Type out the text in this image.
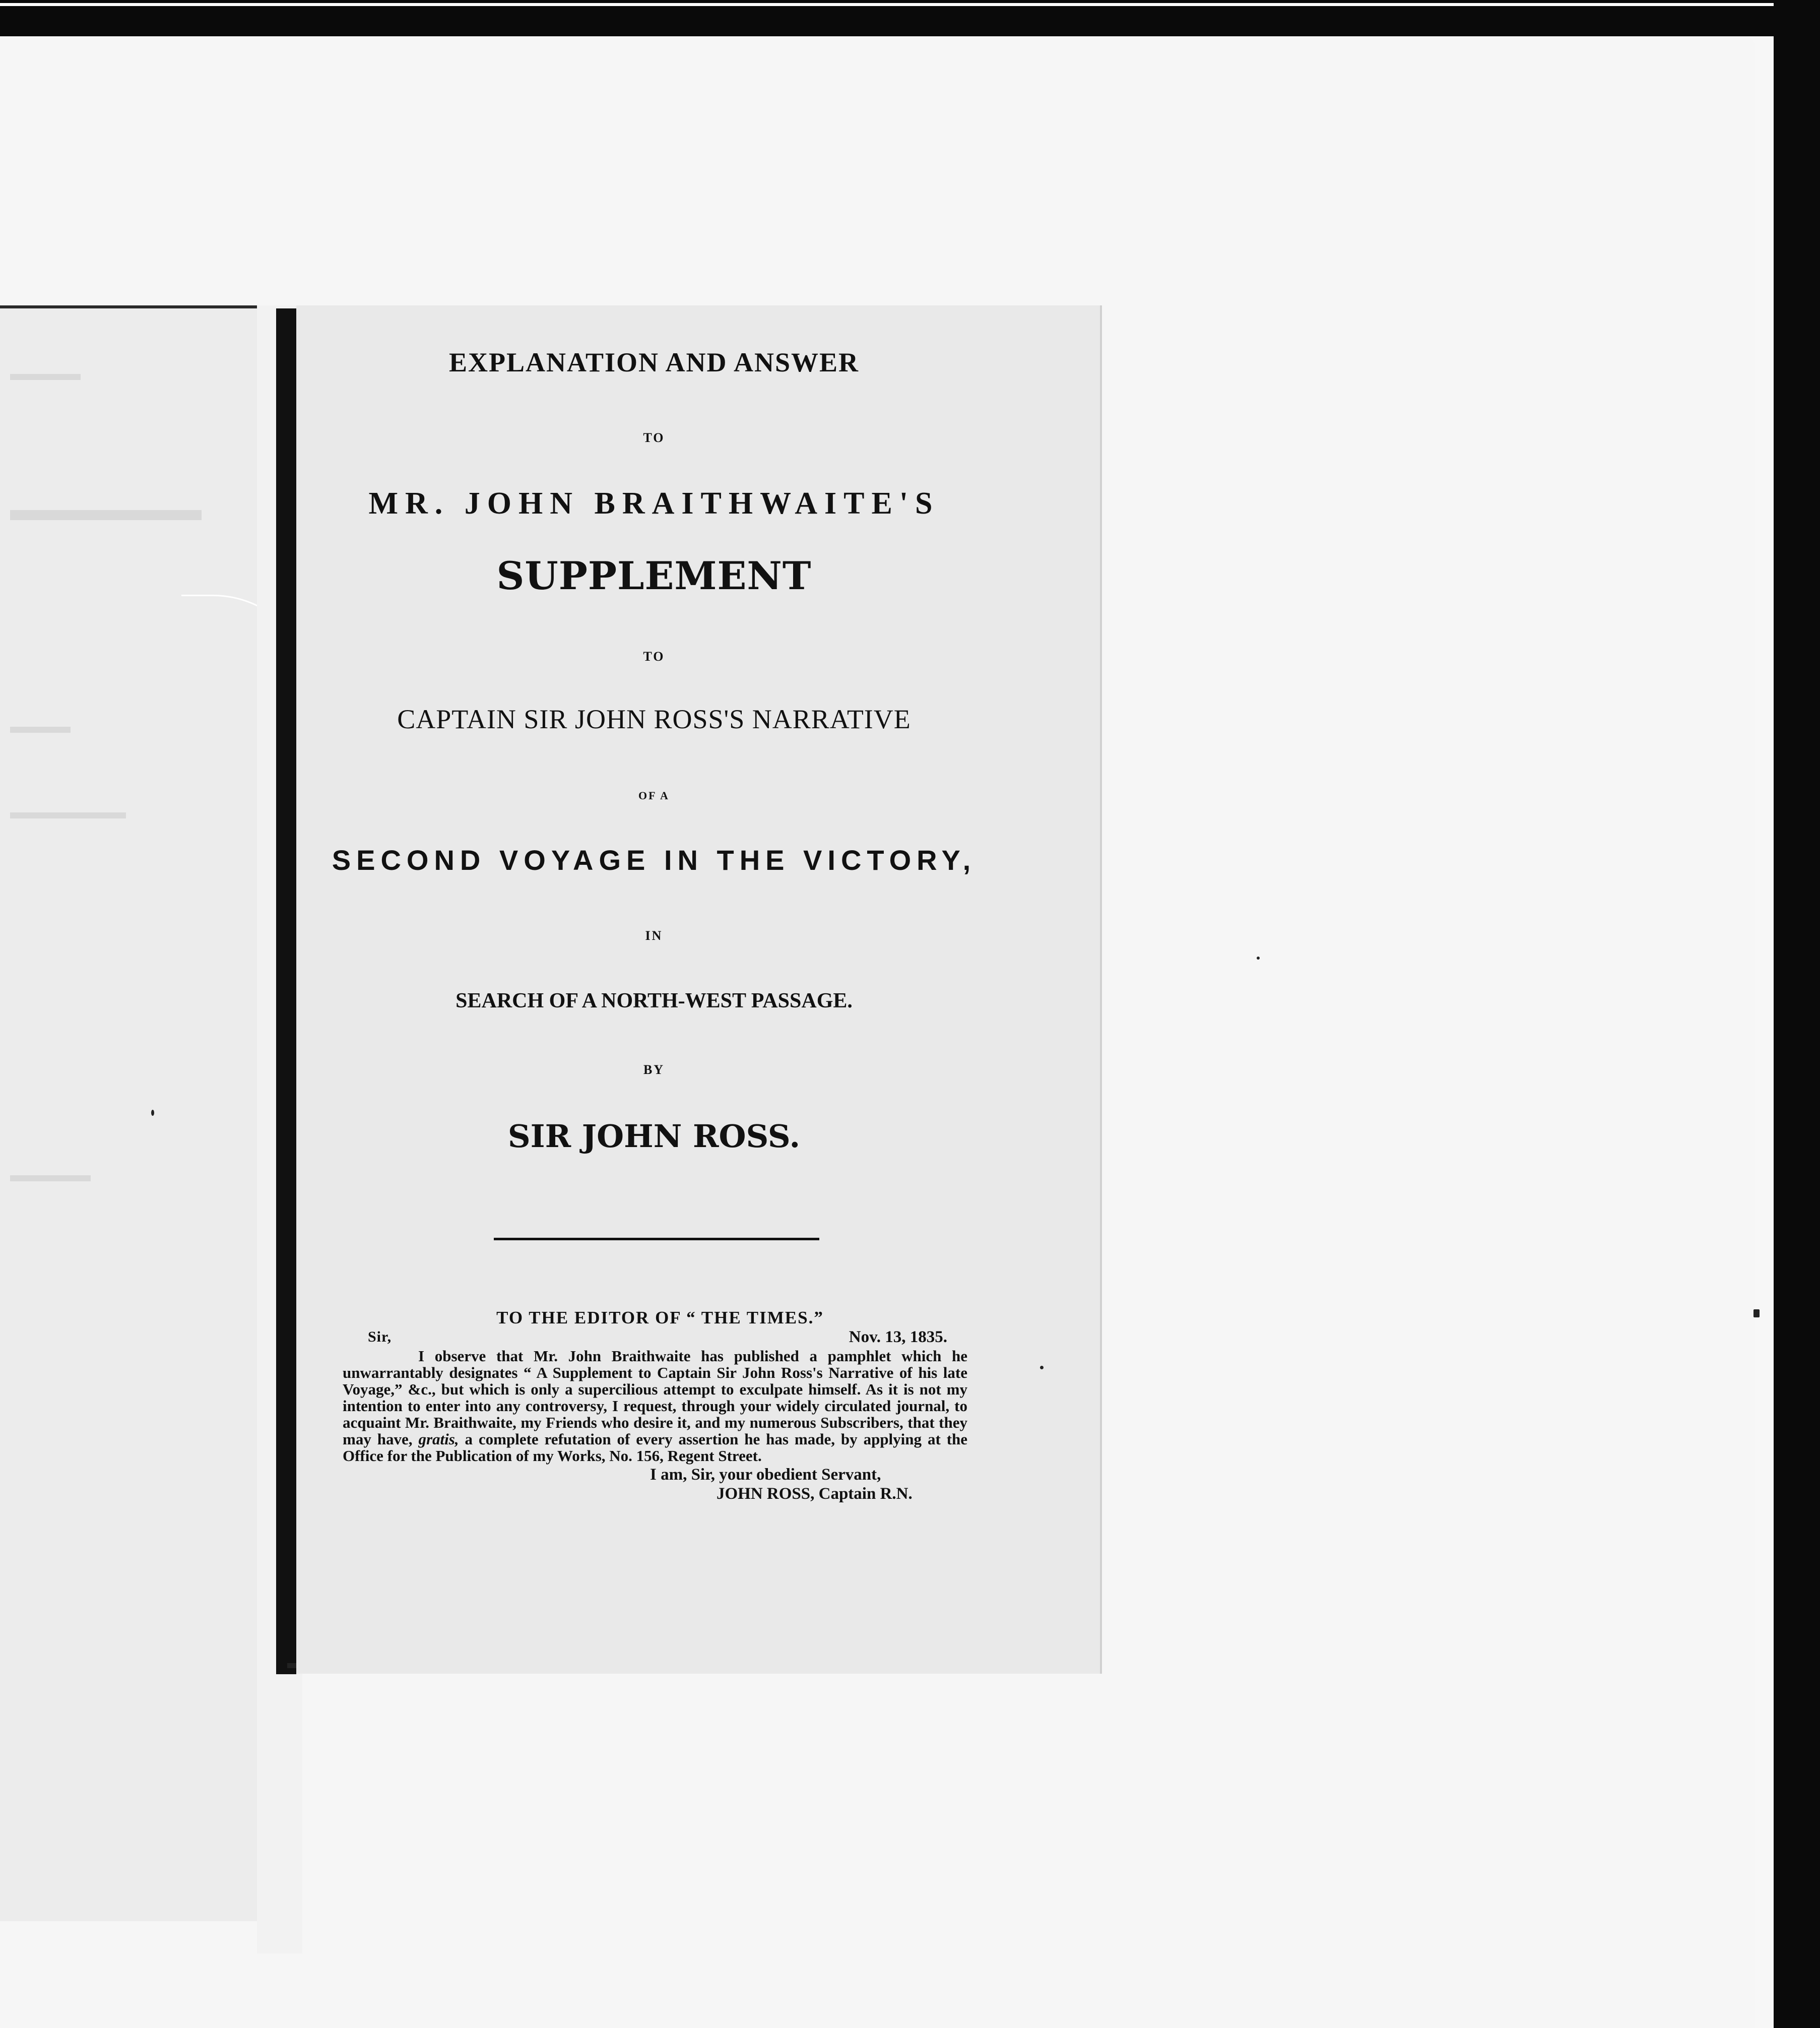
EXPLANATION AND ANSWER
TO
MR. JOHN BRAITHWAITE'S
SUPPLEMENT
TO
CAPTAIN SIR JOHN ROSS'S NARRATIVE
OF A
SECOND VOYAGE IN THE VICTORY,
IN
SEARCH OF A NORTH-WEST PASSAGE.
BY
SIR JOHN ROSS.
TO THE EDITOR OF “ THE TIMES.”
Sir,	Nov. 13, 1835.

I observe that Mr. John Braithwaite has published a pamphlet which he unwarrantably designates “ A Supplement to Captain Sir John Ross's Narrative of his late Voyage,” &c., but which is only a supercilious attempt to exculpate himself. As it is not my intention to enter into any controversy, I request, through your widely circulated journal, to acquaint Mr. Braithwaite, my Friends who desire it, and my numerous Subscribers, that they may have, gratis, a complete refutation of every assertion he has made, by applying at the Office for the Publication of my Works, No. 156, Regent Street.

I am, Sir, your obedient Servant,
JOHN ROSS, Captain R.N.
